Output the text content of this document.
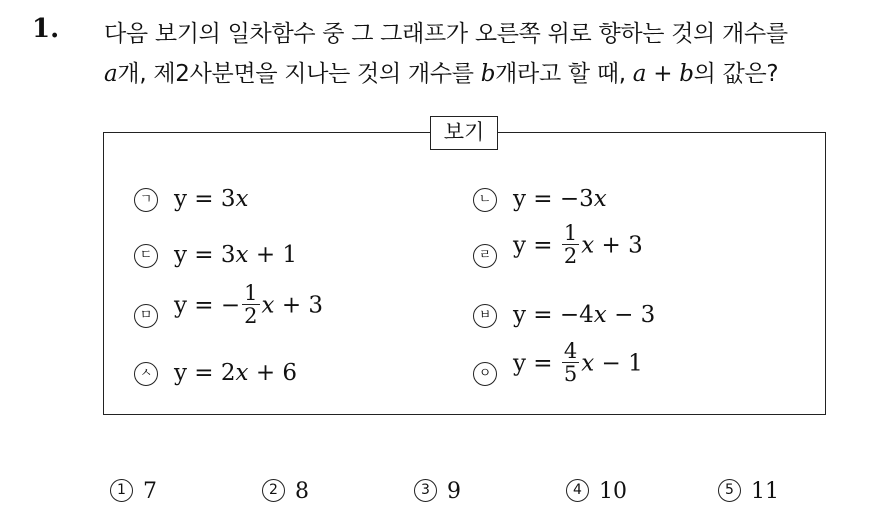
1. 다음 보기의 일차함수 중 그 그래프가 오른쪽 위로 향하는 것의 개수를
a개, 제2사분면을 지나는 것의 개수를 b개라고 할 때, a + b의 값은?
보기
ㄱ y = 3x
ㄷ y = 3x + 1
ㅁ y = − $\frac{1}{2}$ x + 3
ㅅ y = 2x + 6
ㄴ y = −3x
ㄹ $y = \frac{1}{2}$ x + 3
ㅂ y = −4x − 3
ㅇ $y = \frac{4}{5}$ x − 1
1 7	2 8	3 9	4 10	5 11
